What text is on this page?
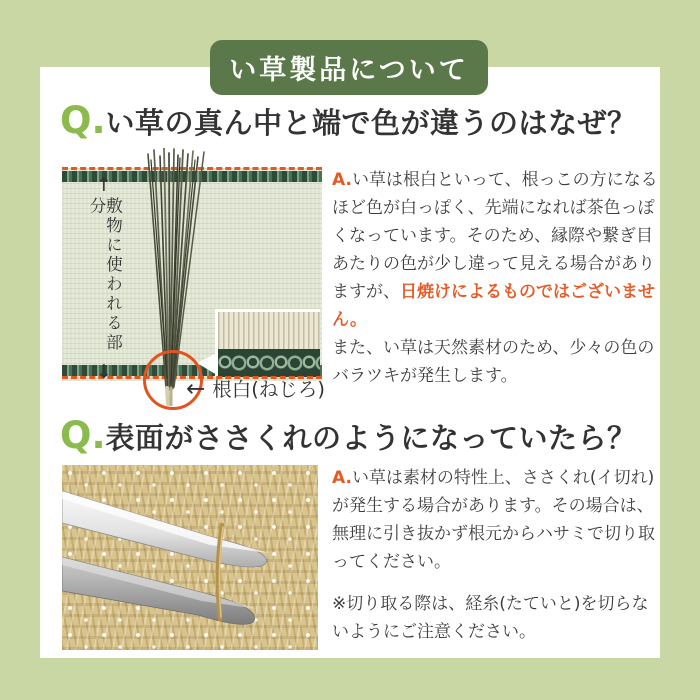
い草製品について
Q. い草の真ん中と端で色が違うのはなぜ？
↑
敷物に使われる部分
↓
← 根白(ねじろ)

A.い草は根白といって、根っこの方になるほど色が白っぽく、先端になれば茶色っぽくなっています。そのため、縁際や繋ぎ目あたりの色が少し違って見える場合がありますが、日焼けによるものではございません。

また、い草は天然素材のため、少々の色のバラツキが発生します。

Q. 表面がささくれのようになっていたら？

A.い草は素材の特性上、ささくれ(イ切れ)が発生する場合があります。その場合は、無理に引き抜かず根元からハサミで切り取ってください。

※切り取る際は、経糸(たていと)を切らないようにご注意ください。
